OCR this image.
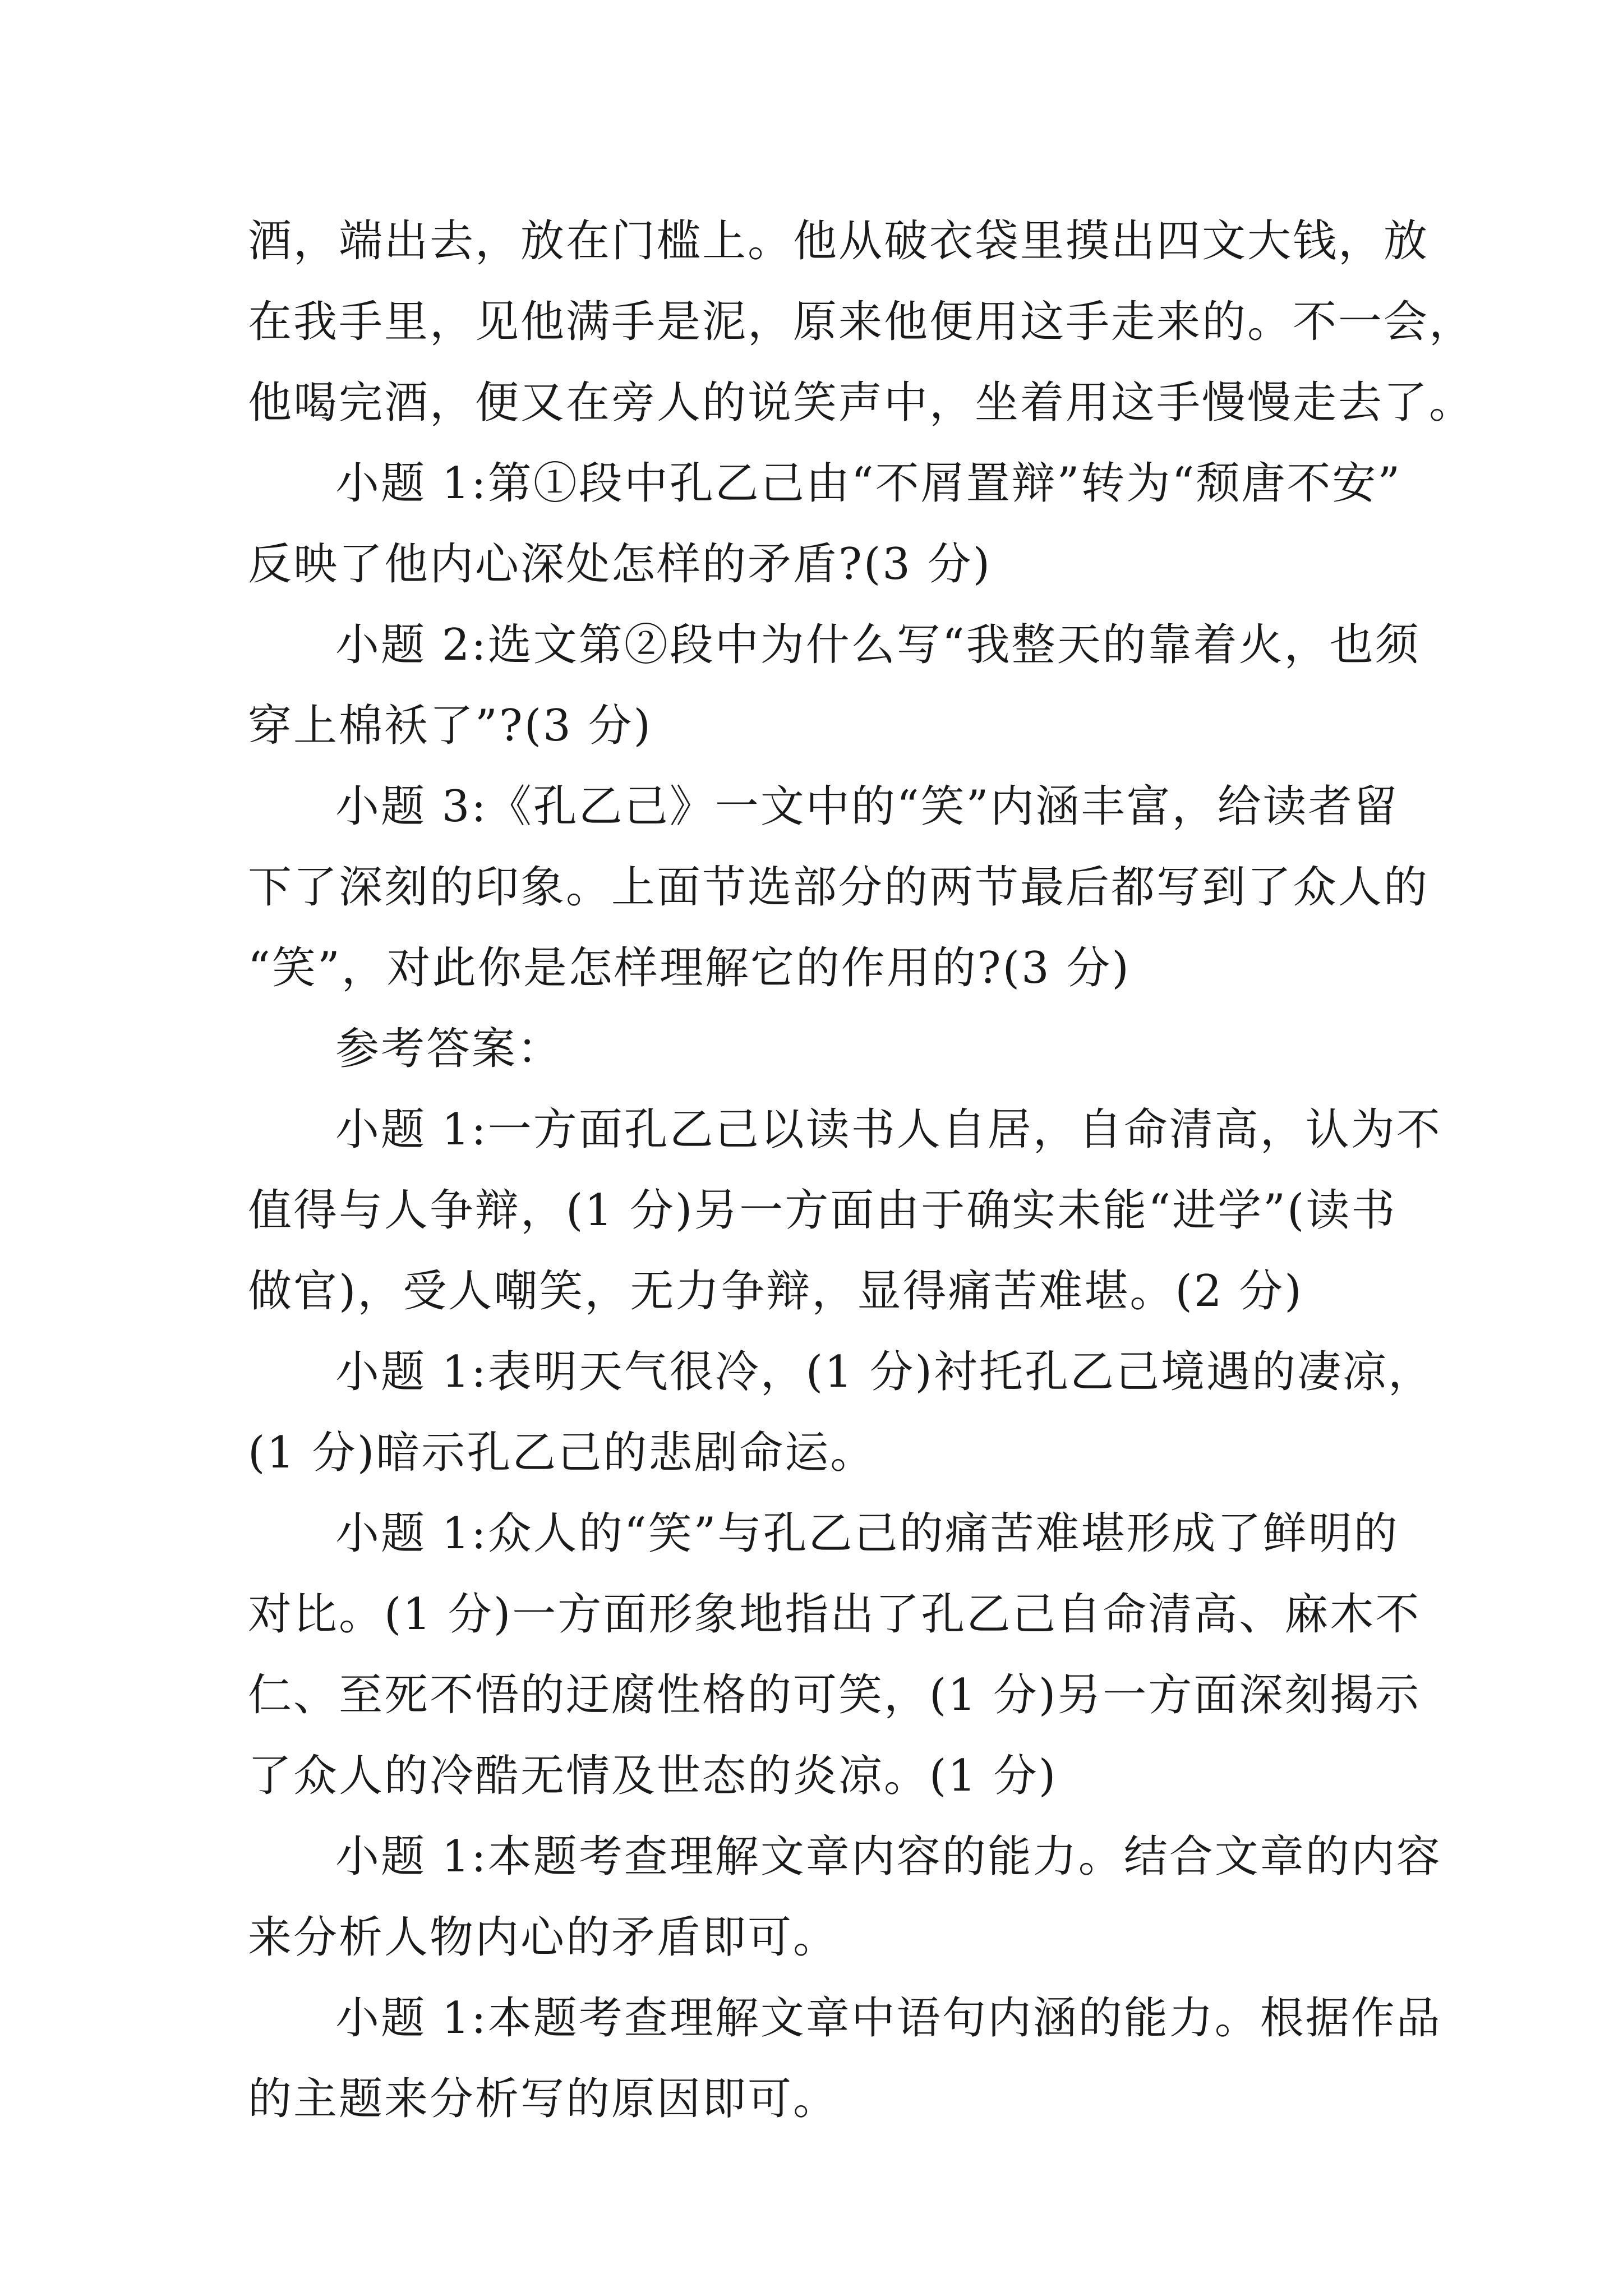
酒，端出去，放在门槛上。他从破衣袋里摸出四文大钱，放
在我手里，见他满手是泥，原来他便用这手走来的。不一会，
他喝完酒，便又在旁人的说笑声中，坐着用这手慢慢走去了。

小题 1:第①段中孔乙己由“不屑置辩”转为“颓唐不安”
反映了他内心深处怎样的矛盾?(3 分)

小题 2:选文第②段中为什么写“我整天的靠着火，也须
穿上棉袄了”?(3 分)

小题 3:《孔乙己》一文中的“笑”内涵丰富，给读者留
下了深刻的印象。上面节选部分的两节最后都写到了众人的
“笑”，对此你是怎样理解它的作用的?(3 分)

参考答案：

小题 1:一方面孔乙己以读书人自居，自命清高，认为不
值得与人争辩，(1 分)另一方面由于确实未能“进学”(读书
做官)，受人嘲笑，无力争辩，显得痛苦难堪。(2 分)

小题 1:表明天气很冷，(1 分)衬托孔乙己境遇的凄凉，
(1 分)暗示孔乙己的悲剧命运。

小题 1:众人的“笑”与孔乙己的痛苦难堪形成了鲜明的
对比。(1 分)一方面形象地指出了孔乙己自命清高、麻木不
仁、至死不悟的迂腐性格的可笑，(1 分)另一方面深刻揭示
了众人的冷酷无情及世态的炎凉。(1 分)

小题 1:本题考查理解文章内容的能力。结合文章的内容
来分析人物内心的矛盾即可。

小题 1:本题考查理解文章中语句内涵的能力。根据作品
的主题来分析写的原因即可。
